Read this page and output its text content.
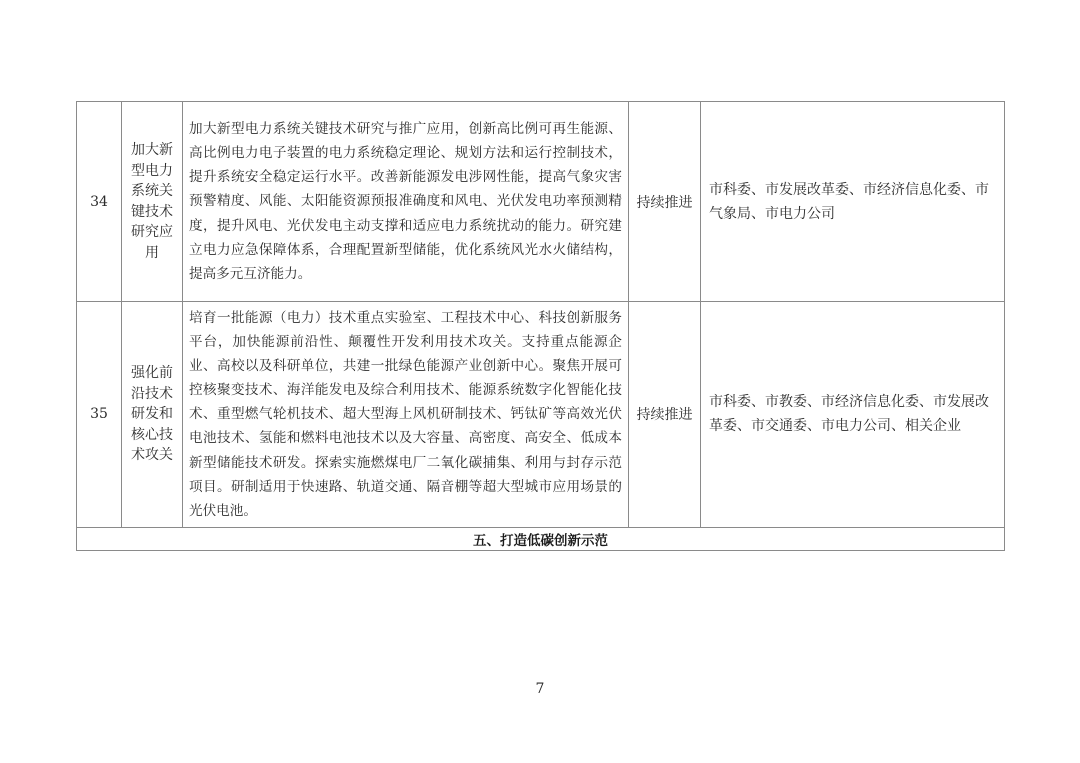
34	加大新型电力系统关键技术研究应用	加大新型电力系统关键技术研究与推广应用，创新高比例可再生能源、高比例电力电子装置的电力系统稳定理论、规划方法和运行控制技术，提升系统安全稳定运行水平。改善新能源发电涉网性能，提高气象灾害预警精度、风能、太阳能资源预报准确度和风电、光伏发电功率预测精度，提升风电、光伏发电主动支撑和适应电力系统扰动的能力。研究建立电力应急保障体系，合理配置新型储能，优化系统风光水火储结构，提高多元互济能力。	持续推进	市科委、市发展改革委、市经济信息化委、市气象局、市电力公司
35	强化前沿技术研发和核心技术攻关	培育一批能源（电力）技术重点实验室、工程技术中心、科技创新服务平台，加快能源前沿性、颠覆性开发利用技术攻关。支持重点能源企业、高校以及科研单位，共建一批绿色能源产业创新中心。聚焦开展可控核聚变技术、海洋能发电及综合利用技术、能源系统数字化智能化技术、重型燃气轮机技术、超大型海上风机研制技术、钙钛矿等高效光伏电池技术、氢能和燃料电池技术以及大容量、高密度、高安全、低成本新型储能技术研发。探索实施燃煤电厂二氧化碳捕集、利用与封存示范项目。研制适用于快速路、轨道交通、隔音棚等超大型城市应用场景的光伏电池。	持续推进	市科委、市教委、市经济信息化委、市发展改革委、市交通委、市电力公司、相关企业
五、打造低碳创新示范				
7
